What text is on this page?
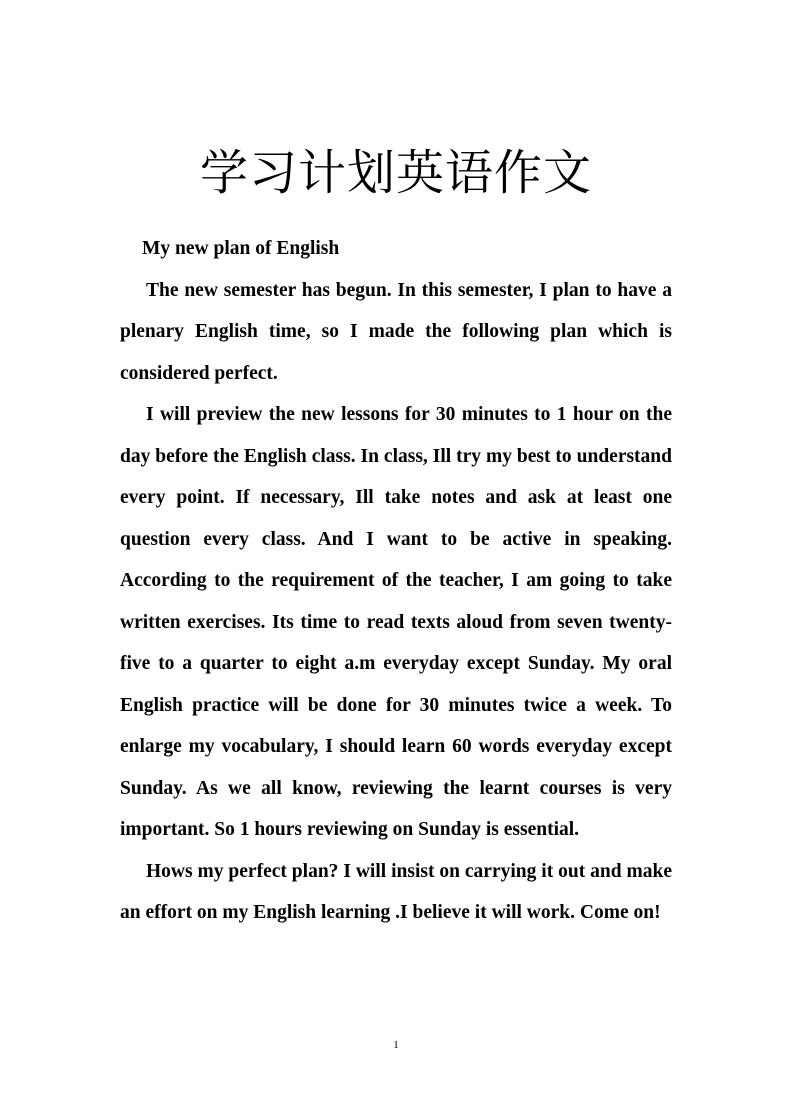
学习计划英语作文

My new plan of English

The new semester has begun. In this semester, I plan to have a plenary English time, so I made the following plan which is considered perfect.

I will preview the new lessons for 30 minutes to 1 hour on the day before the English class. In class, Ill try my best to understand every point. If necessary, Ill take notes and ask at least one question every class. And I want to be active in speaking. According to the requirement of the teacher, I am going to take written exercises. Its time to read texts aloud from seven twenty-five to a quarter to eight a.m everyday except Sunday. My oral English practice will be done for 30 minutes twice a week. To enlarge my vocabulary, I should learn 60 words everyday except Sunday. As we all know, reviewing the learnt courses is very important. So 1 hours reviewing on Sunday is essential.

Hows my perfect plan? I will insist on carrying it out and make an effort on my English learning .I believe it will work. Come on!

1
